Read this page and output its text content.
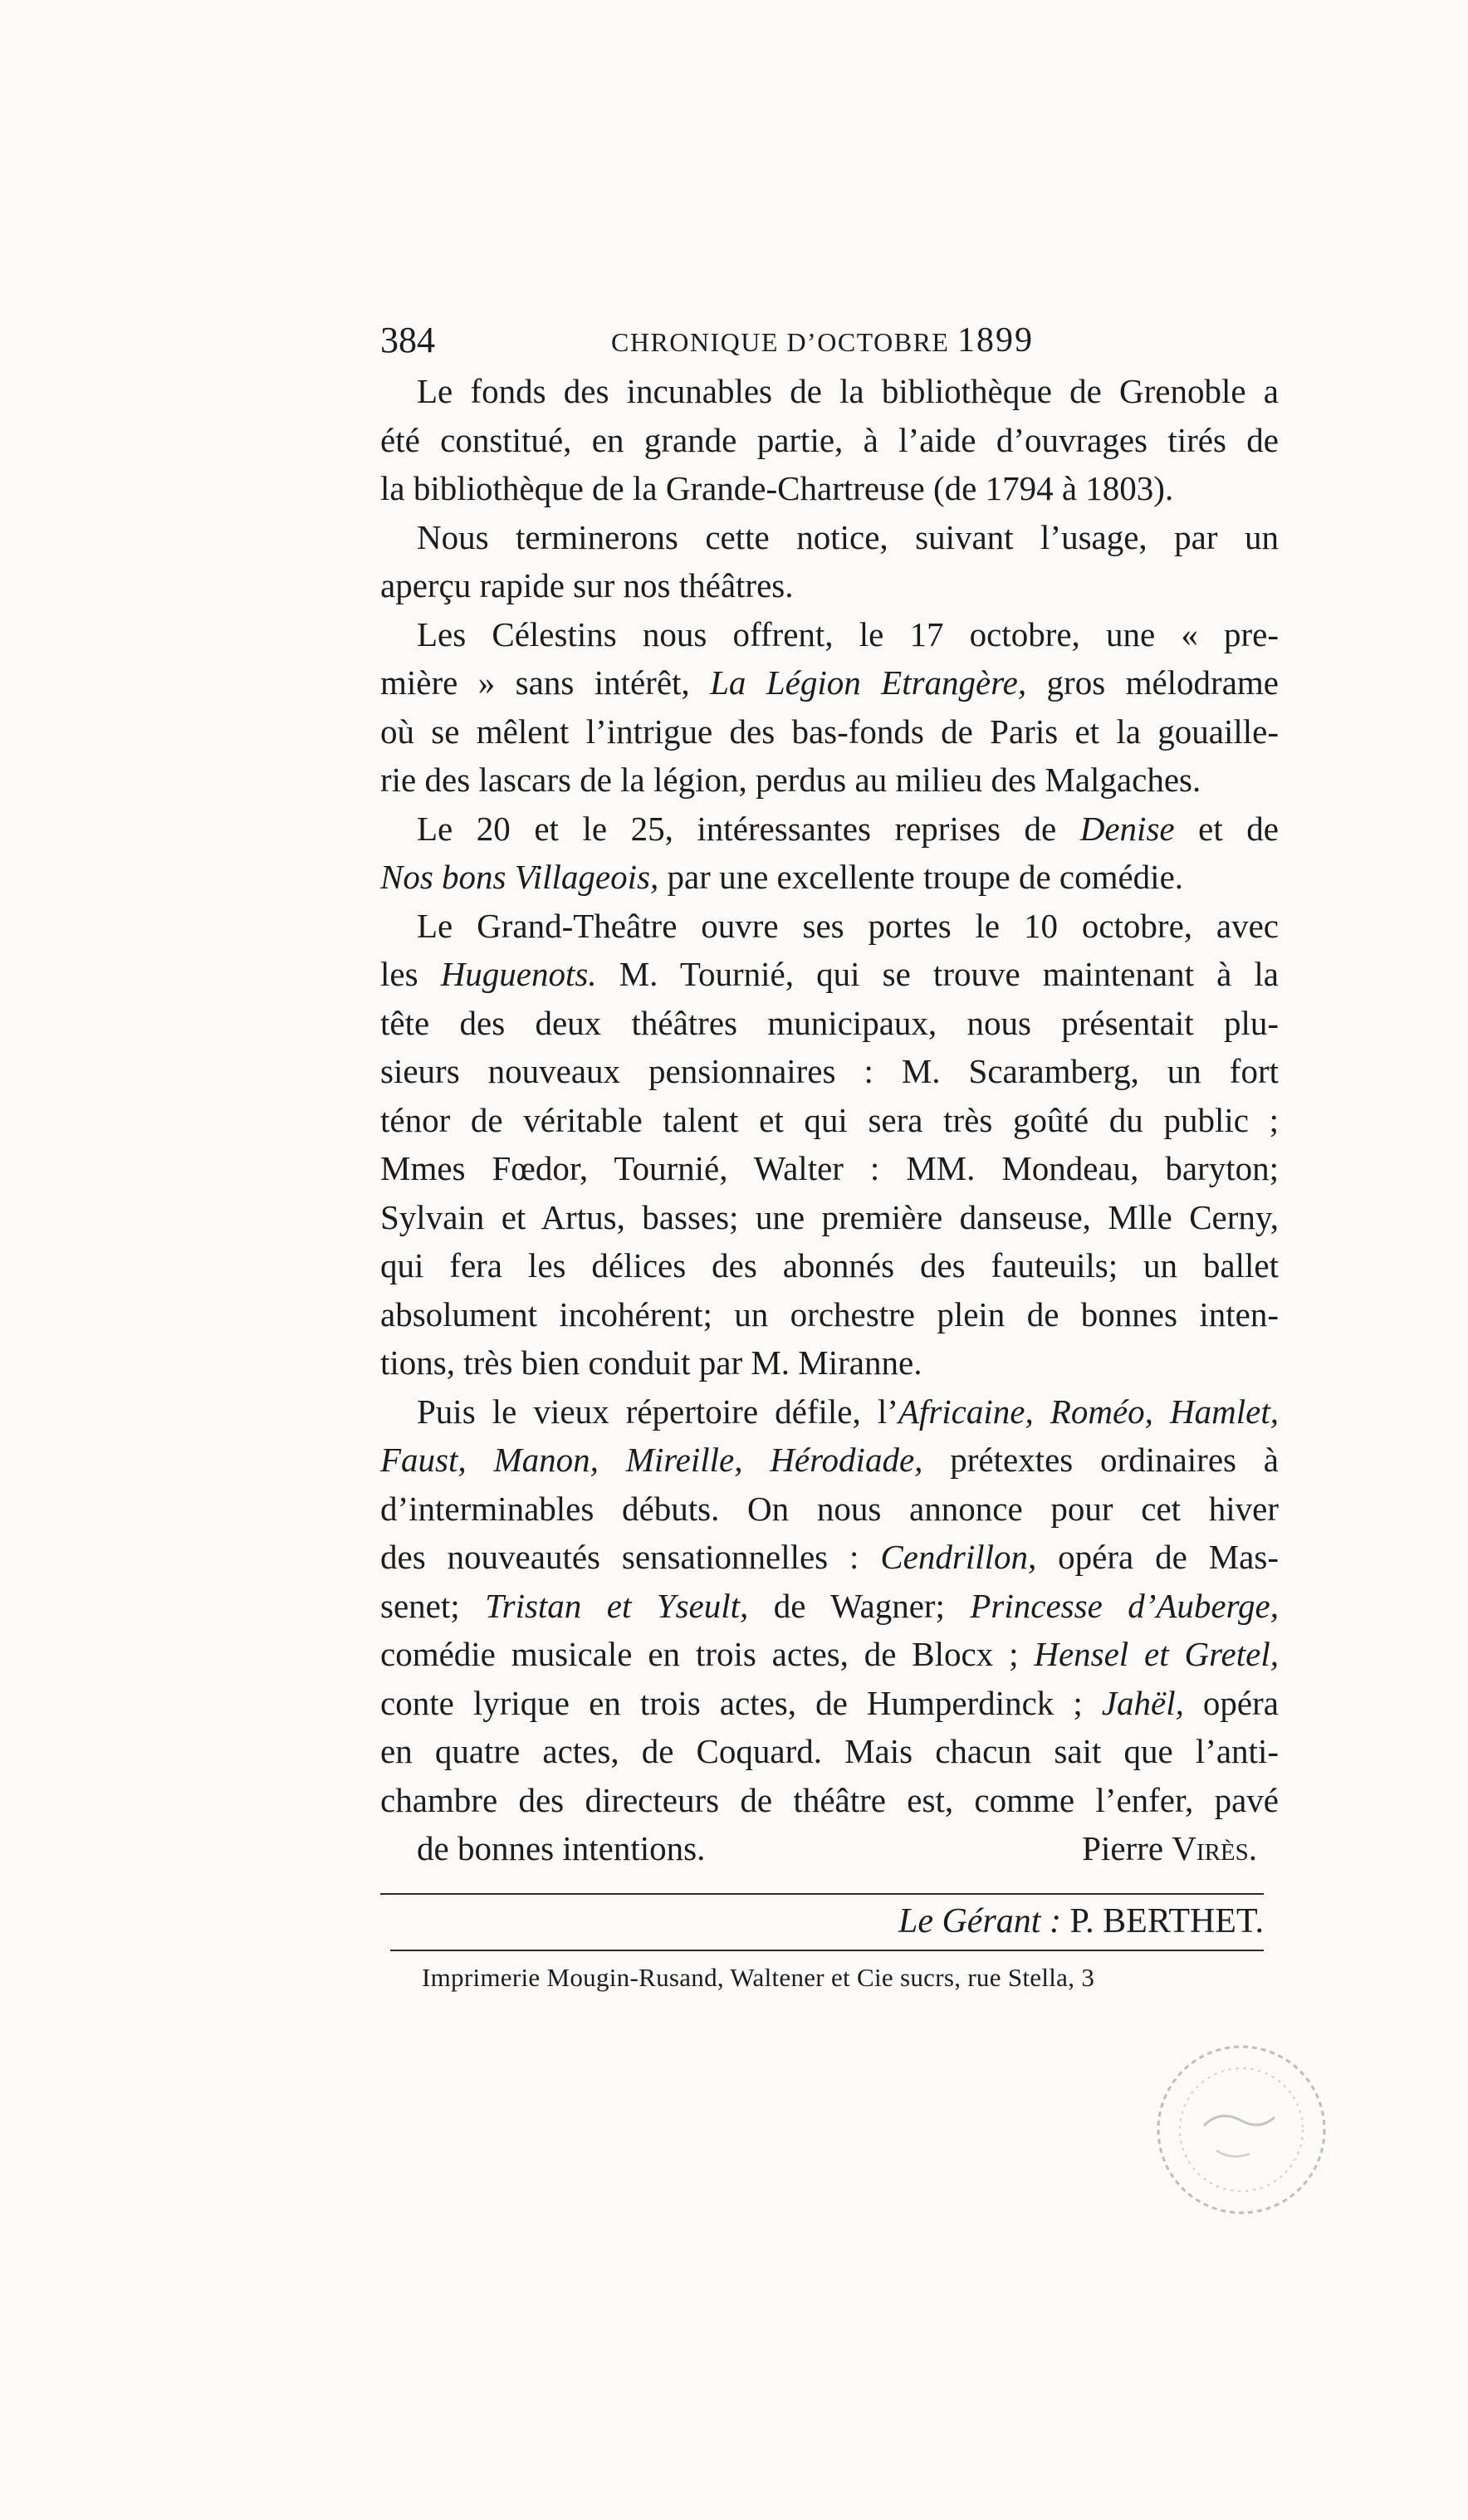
384	CHRONIQUE D’OCTOBRE 1899
Le fonds des incunables de la bibliothèque de Grenoble a
été constitué, en grande partie, à l’aide d’ouvrages tirés de
la bibliothèque de la Grande-Chartreuse (de 1794 à 1803).
Nous terminerons cette notice, suivant l’usage, par un
aperçu rapide sur nos théâtres.
Les Célestins nous offrent, le 17 octobre, une « pre-
mière » sans intérêt, La Légion Etrangère, gros mélodrame
où se mêlent l’intrigue des bas-fonds de Paris et la gouaille-
rie des lascars de la légion, perdus au milieu des Malgaches.
Le 20 et le 25, intéressantes reprises de Denise et de
Nos bons Villageois, par une excellente troupe de comédie.
Le Grand-Theâtre ouvre ses portes le 10 octobre, avec
les Huguenots. M. Tournié, qui se trouve maintenant à la
tête des deux théâtres municipaux, nous présentait plu-
sieurs nouveaux pensionnaires : M. Scaramberg, un fort
ténor de véritable talent et qui sera très goûté du public ;
Mmes Fœdor, Tournié, Walter : MM. Mondeau, baryton;
Sylvain et Artus, basses; une première danseuse, Mlle Cerny,
qui fera les délices des abonnés des fauteuils; un ballet
absolument incohérent; un orchestre plein de bonnes inten-
tions, très bien conduit par M. Miranne.
Puis le vieux répertoire défile, l’Africaine, Roméo, Hamlet,
Faust, Manon, Mireille, Hérodiade, prétextes ordinaires à
d’interminables débuts. On nous annonce pour cet hiver
des nouveautés sensationnelles : Cendrillon, opéra de Mas-
senet; Tristan et Yseult, de Wagner; Princesse d’Auberge,
comédie musicale en trois actes, de Blocx ; Hensel et Gretel,
conte lyrique en trois actes, de Humperdinck ; Jahël, opéra
en quatre actes, de Coquard. Mais chacun sait que l’anti-
chambre des directeurs de théâtre est, comme l’enfer, pavé
de bonnes intentions.	Pierre Virès.
Le Gérant : P. BERTHET.
Imprimerie Mougin-Rusand, Waltener et Cie sucrs, rue Stella, 3
